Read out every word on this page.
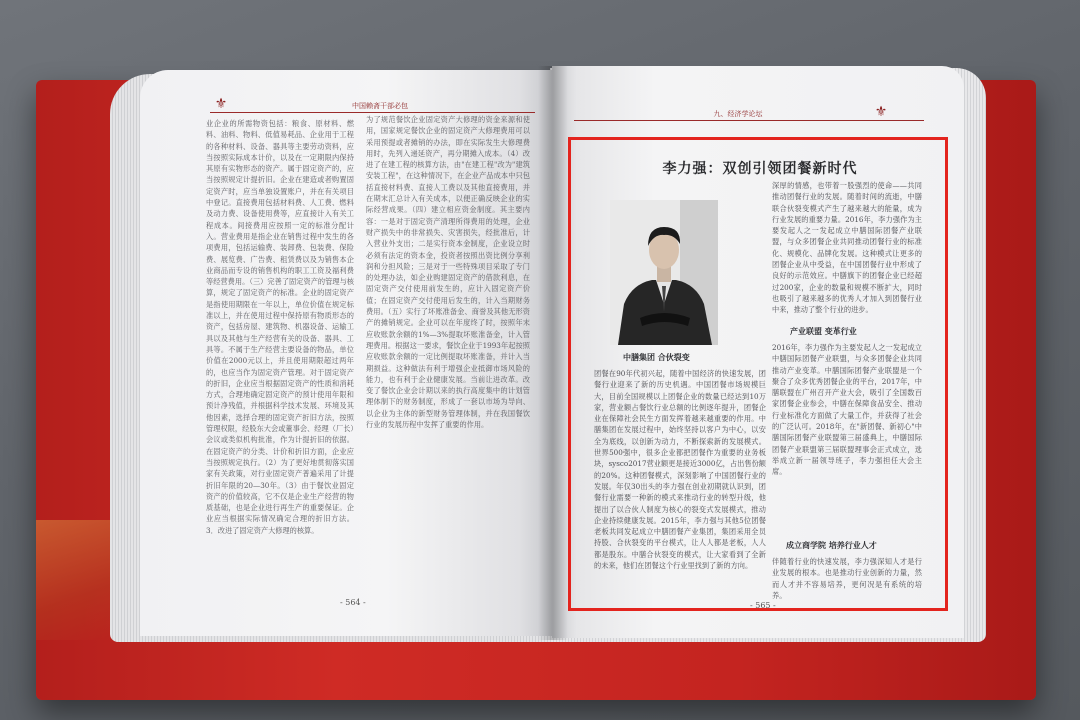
⚜	中国赖斋干部必包
业企业的所需物资包括：粮食、原材料、燃料、油料、物料、低值易耗品、企业用于工程的各种材料、设备、器具等主要劳动资料，应当按照实际成本计价，以及在一定期限内保持其原有实物形态的资产。属于固定资产的，应当按照规定计提折旧。企业在建造或者购置固定资产时，应当单独设置账户，并在有关项目中登记。直接费用包括材料费、人工费、燃料及动力费、设备使用费等，应直接计入有关工程成本。间接费用应按照一定的标准分配计入。营业费用是指企业在销售过程中发生的各项费用，包括运输费、装卸费、包装费、保险费、展览费、广告费、租赁费以及为销售本企业商品而专设的销售机构的职工工资及福利费等经营费用。（三）完善了固定资产的管理与核算，规定了固定资产的标准。企业的固定资产是指使用期限在一年以上，单位价值在规定标准以上，并在使用过程中保持原有物质形态的资产，包括房屋、建筑物、机器设备、运输工具以及其他与生产经营有关的设备、器具、工具等。不属于生产经营主要设备的物品，单位价值在2000元以上，并且使用期限超过两年的，也应当作为固定资产管理。对于固定资产的折旧，企业应当根据固定资产的性质和消耗方式，合理地确定固定资产的预计使用年限和预计净残值，并根据科学技术发展、环境及其他因素，选择合理的固定资产折旧方法，按照管理权限，经股东大会或董事会、经理（厂长）会议或类似机构批准，作为计提折旧的依据。在固定资产的分类、计价和折旧方面，企业应当按照规定执行。（2）为了更好地贯彻落实国家有关政策，对行业固定资产普遍采用了计提折旧年限的20—30年。（3）由于餐饮业固定资产的价值较高，它不仅是企业生产经营的物质基础，也是企业进行再生产的重要保证。企业应当根据实际情况确定合理的折旧方法。3．改进了固定资产大修理的核算。
为了规范餐饮企业固定资产大修理的资金来源和使用，国家规定餐饮企业的固定资产大修理费用可以采用预提或者摊销的办法，即在实际发生大修理费用时，先列入递延资产，再分期摊入成本。（4）改进了在建工程的核算方法，由"在建工程"改为"建筑安装工程"，在这种情况下，在企业产品成本中只包括直接材料费、直接人工费以及其他直接费用，并在期末汇总计入有关成本，以便正确反映企业的实际经营成果。（四）建立相应资金制度。其主要内容：一是对于固定资产清理所得费用的处理，企业财产损失中的非常损失、灾害损失，经批准后，计入营业外支出；二是实行资本金制度，企业设立时必须有法定的资本金，投资者按照出资比例分享利润和分担风险；三是对于一些特殊项目采取了专门的处理办法，如企业购建固定资产的借款利息，在固定资产交付使用前发生的，应计入固定资产价值；在固定资产交付使用后发生的，计入当期财务费用。（五）实行了坏账准备金、商誉及其他无形资产的摊销规定。企业可以在年度终了时，按照年末应收账款余额的1%—3%提取坏账准备金，计入管理费用。根据这一要求，餐饮企业于1993年起按照应收账款余额的一定比例提取坏账准备，并计入当期损益。这种做法有利于增强企业抵御市场风险的能力，也有利于企业健康发展。当前让进改革。改变了餐饮企业会计期以来的执行高度集中的计划管理体制下的财务制度，形成了一套以市场为导向、以企业为主体的新型财务管理体制，并在我国餐饮行业的发展历程中发挥了重要的作用。
- 564 -
九、经济学论坛	⚜
李力强：双创引领团餐新时代
中膳集团 合伙裂变
团餐在90年代初兴起，随着中国经济的快速发展，团餐行业迎来了新的历史机遇。中国团餐市场规模巨大，目前全国规模以上团餐企业的数量已经达到10万家，营业额占餐饮行业总额的比例逐年提升，团餐企业在保障社会民生方面发挥着越来越重要的作用。中膳集团在发展过程中，始终坚持以客户为中心，以安全为底线，以创新为动力，不断探索新的发展模式。世界500强中，很多企业都把团餐作为重要的业务板块，sysco2017营业额更是接近3000亿，占出售份额的20%。这种团餐模式，深刻影响了中国团餐行业的发展。年仅30出头的李力强在创业初期就认识到，团餐行业需要一种新的模式来推动行业的转型升级，他提出了以合伙人制度为核心的裂变式发展模式，推动企业持续健康发展。2015年，李力强与其他5位团餐老板共同发起成立中膳团餐产业集团，集团采用全员持股、合伙裂变的平台模式，让人人都是老板，人人都是股东。中膳合伙裂变的模式，让大家看到了全新的未来，他们在团餐这个行业里找到了新的方向。
深厚的情感，也带着一股强烈的使命——共同推动团餐行业的发展。随着时间的流逝，中膳联合伙裂变模式产生了越来越大的能量，成为行业发展的重要力量。2016年，李力强作为主要发起人之一发起成立中膳国际团餐产业联盟，与众多团餐企业共同推动团餐行业的标准化、规模化、品牌化发展。这种模式让更多的团餐企业从中受益，在中国团餐行业中形成了良好的示范效应。中膳旗下的团餐企业已经超过200家，企业的数量和规模不断扩大，同时也吸引了越来越多的优秀人才加入到团餐行业中来，推动了整个行业的进步。
产业联盟 变革行业
2016年，李力强作为主要发起人之一发起成立中膳国际团餐产业联盟，与众多团餐企业共同推动产业变革。中膳国际团餐产业联盟是一个聚合了众多优秀团餐企业的平台，2017年，中膳联盟在广州召开产业大会，吸引了全国数百家团餐企业参会，中膳在保障食品安全、推动行业标准化方面做了大量工作，并获得了社会的广泛认可。2018年，在"新团餐、新初心"中膳国际团餐产业联盟第三届盛典上，中膳国际团餐产业联盟第三届联盟理事会正式成立，选举成立新一届领导班子，李力强担任大会主席。
成立商学院 培养行业人才
伴随着行业的快速发展，李力强深知人才是行业发展的根本。也是推动行业创新的力量，然而人才并不容易培养，更何况是有系统的培养。
- 565 -
